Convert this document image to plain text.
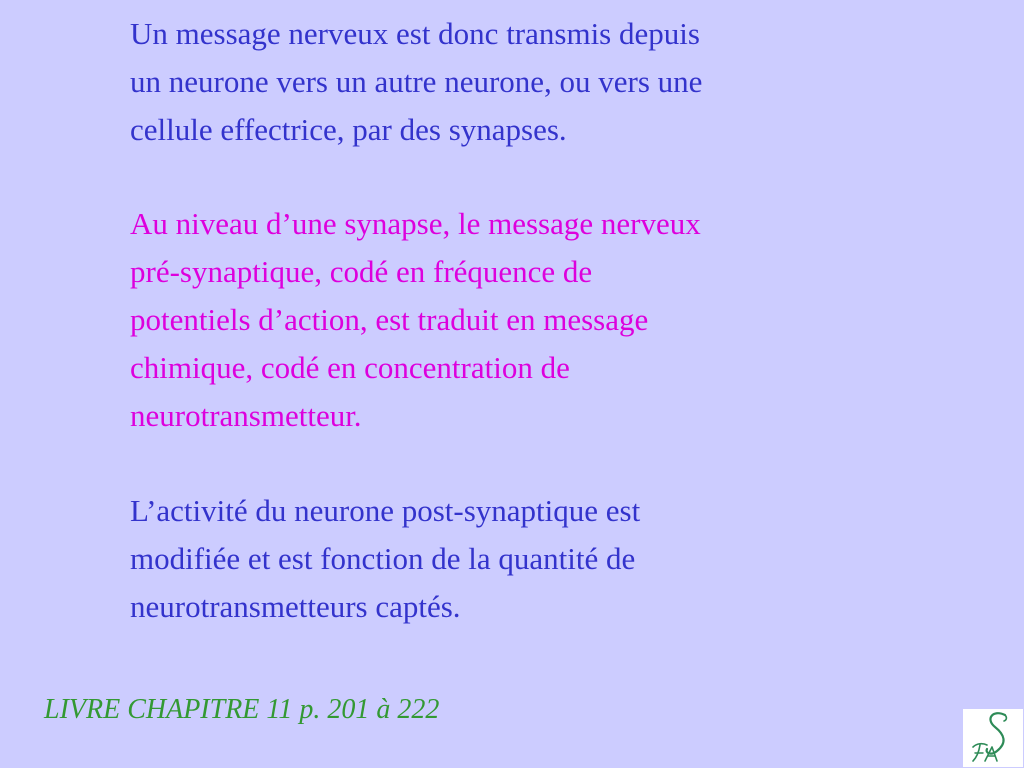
Un message nerveux est donc transmis depuis
un neurone vers un autre neurone, ou vers une
cellule effectrice, par des synapses.

Au niveau d’une synapse, le message nerveux
pré-synaptique, codé en fréquence de
potentiels d’action, est traduit en message
chimique, codé en concentration de
neurotransmetteur.

L’activité du neurone post-synaptique est
modifiée et est fonction de la quantité de
neurotransmetteurs captés.

LIVRE CHAPITRE 11 p. 201 à 222
